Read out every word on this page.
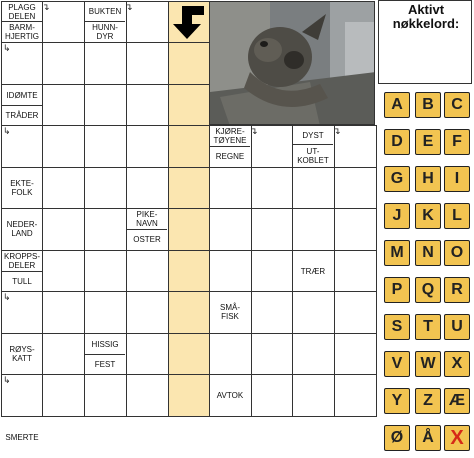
PLAGG DELEN
BARM-
HJERTIG
BUKTEN
HUNN-
DYR
IDØMTE
TRÅDER
KJØRE-
TØYENE
REGNE
DYST
UT-
KOBLET
EKTE-
FOLK
PIKE-
NAVN
OSTER
NEDER-
LAND
KROPPS-
DELER
TULL
TRÆR
SMÅ-
FISK
RØYS-
KATT
HISSIG
FEST
AVTOK
SMERTE
↴	↴
↳
↳	↴	↴
↳
↳
Aktivt
nøkkelord:
A	B	C
D	E	F
G	H	I
J	K	L
M	N	O
P	Q	R
S	T	U
V	W	X
Y	Z	Æ
Ø	Å X
